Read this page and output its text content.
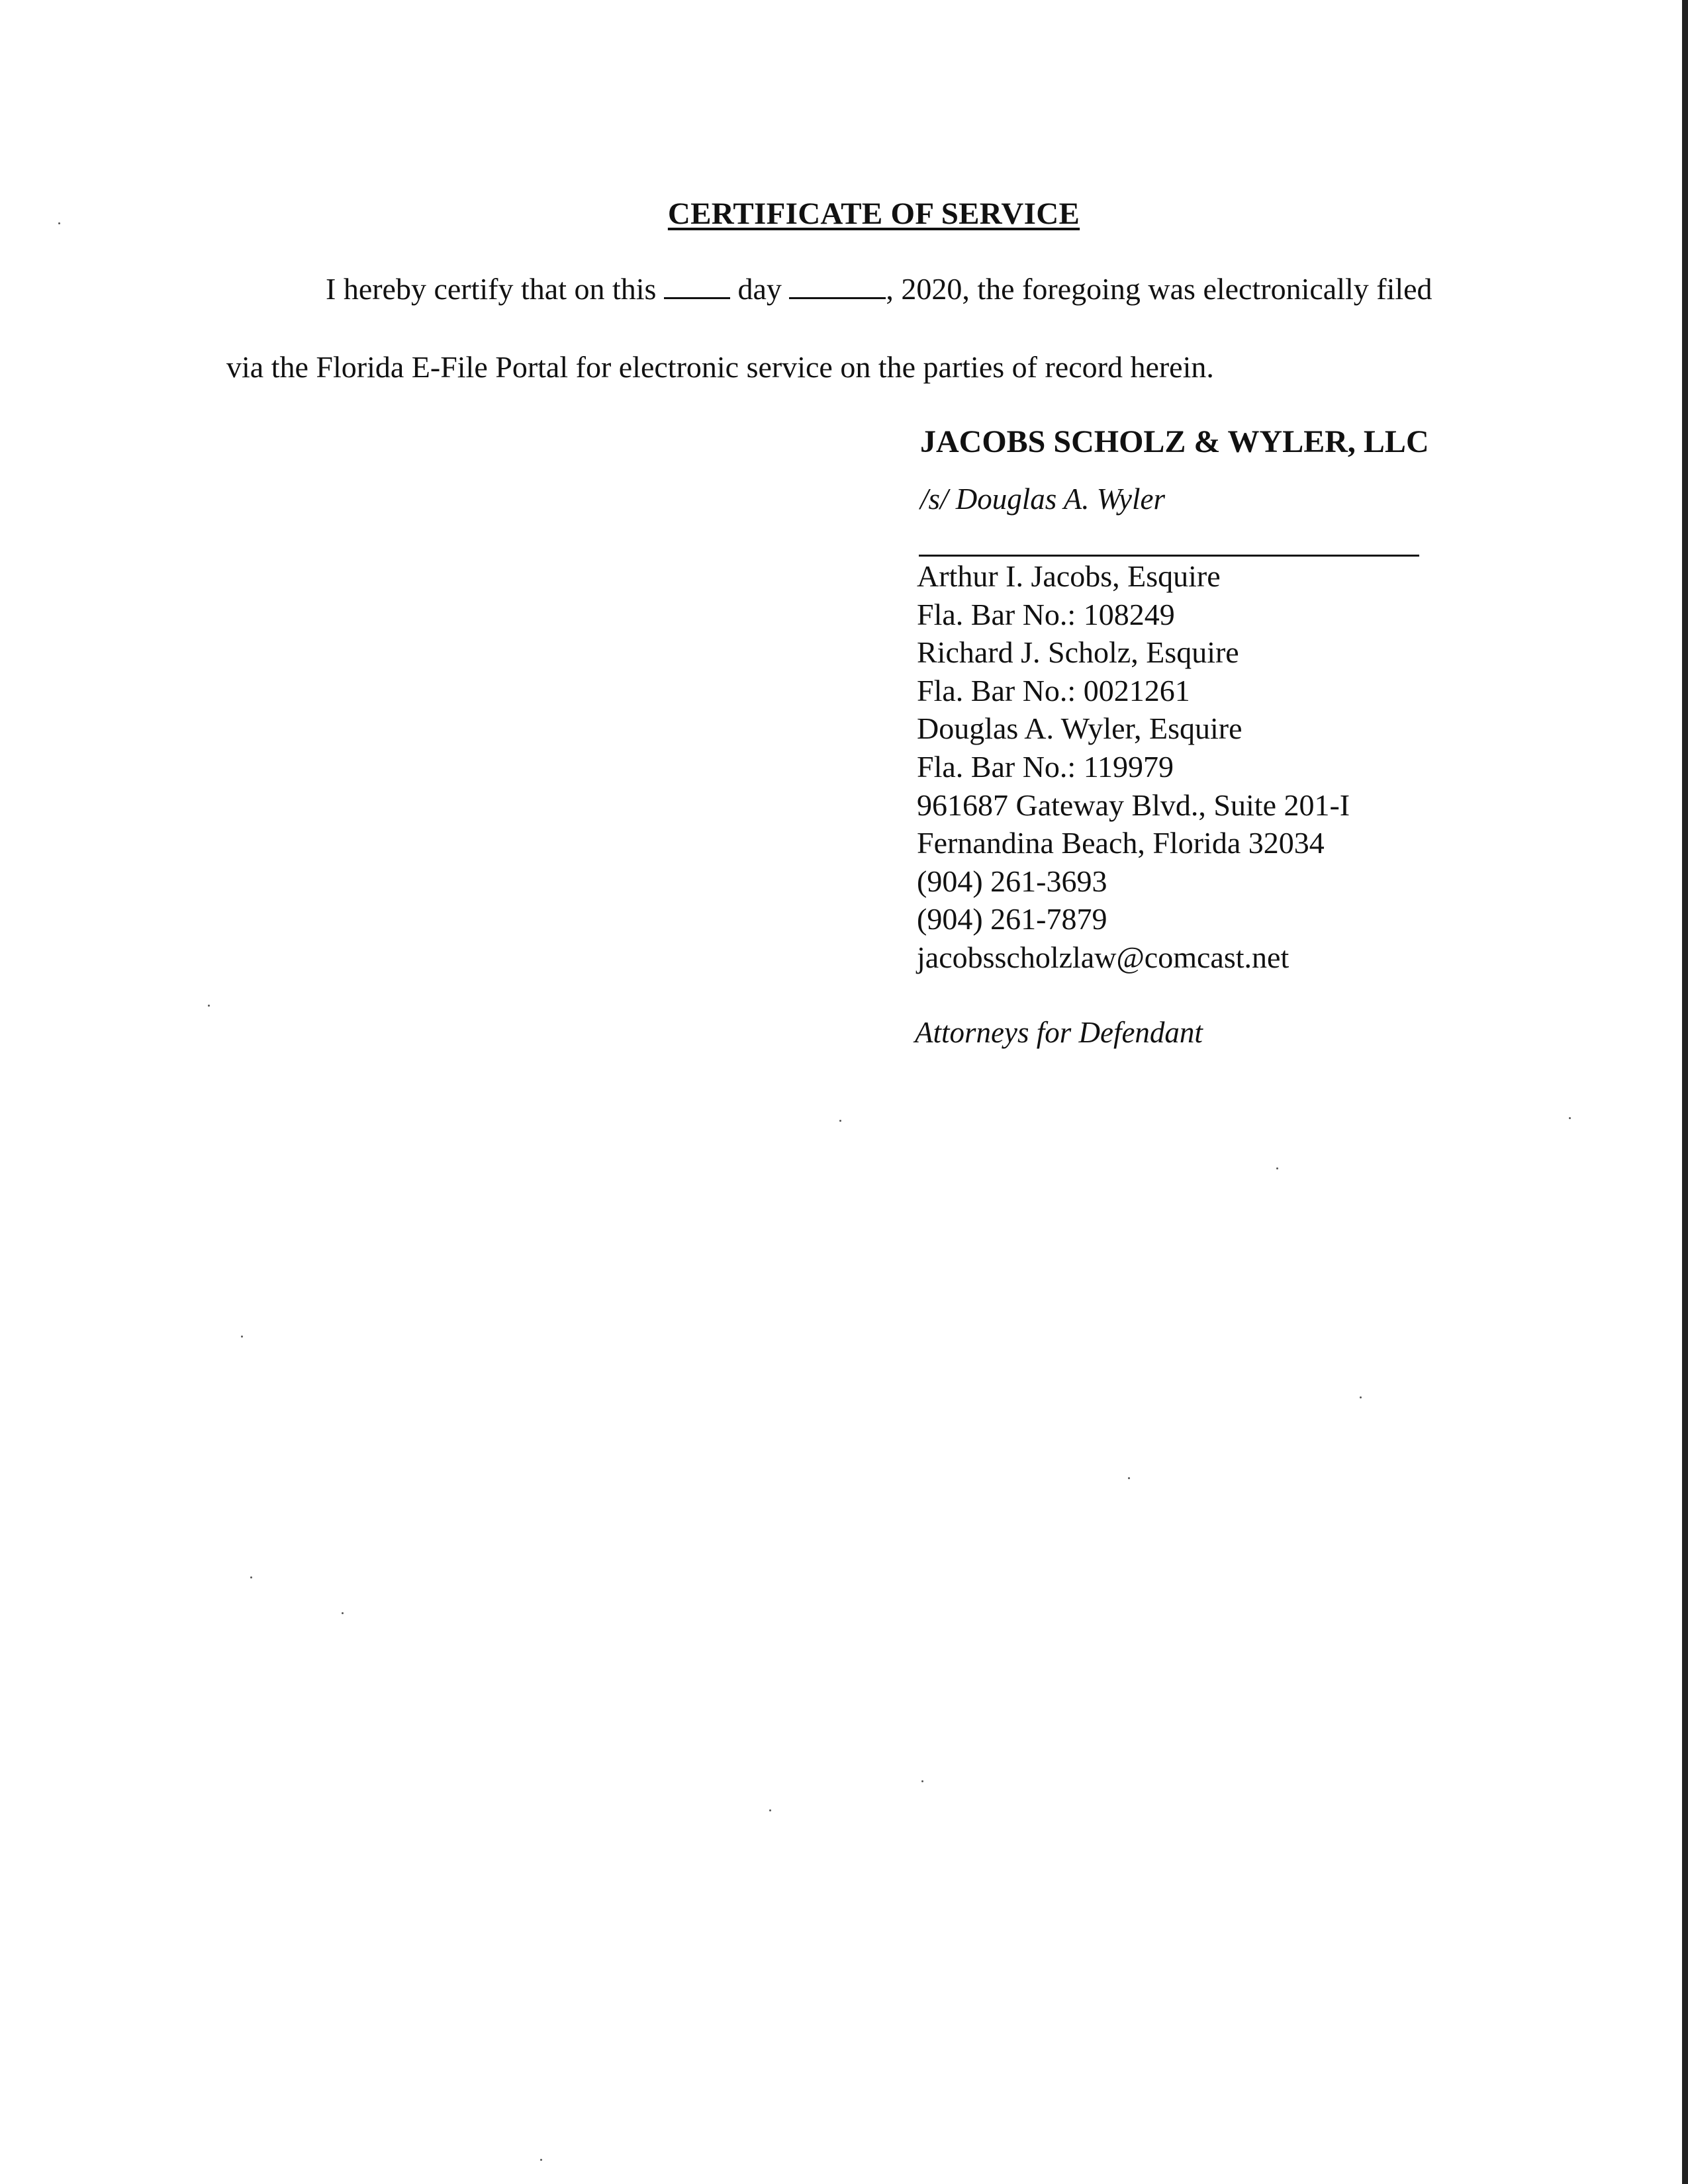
CERTIFICATE OF SERVICE
I hereby certify that on this	day	, 2020, the foregoing was electronically filed
via the Florida E-File Portal for electronic service on the parties of record herein.
JACOBS SCHOLZ & WYLER, LLC
/s/ Douglas A. Wyler
Arthur I. Jacobs, Esquire
Fla. Bar No.: 108249
Richard J. Scholz, Esquire
Fla. Bar No.: 0021261
Douglas A. Wyler, Esquire
Fla. Bar No.: 119979
961687 Gateway Blvd., Suite 201-I
Fernandina Beach, Florida 32034
(904) 261-3693
(904) 261-7879
jacobsscholzlaw@comcast.net
Attorneys for Defendant
